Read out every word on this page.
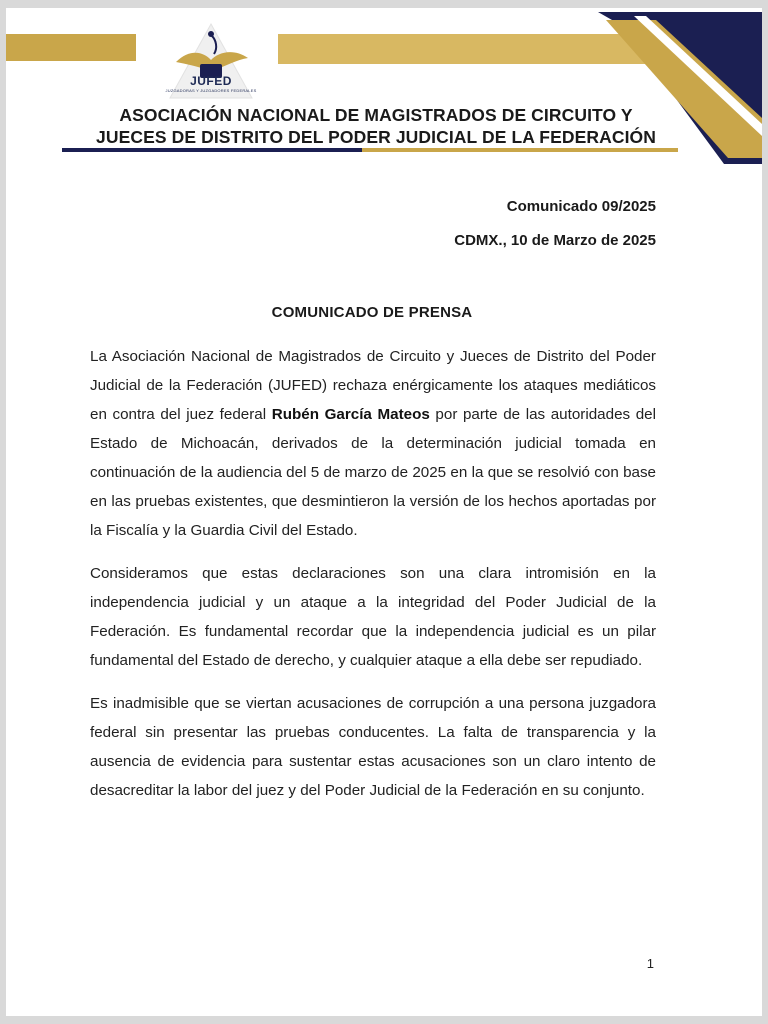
JUFED
JUZGADORAS Y JUZGADORES FEDERALES
ASOCIACIÓN NACIONAL DE MAGISTRADOS DE CIRCUITO Y
JUECES DE DISTRITO DEL PODER JUDICIAL DE LA FEDERACIÓN
Comunicado 09/2025
CDMX., 10 de Marzo de 2025
COMUNICADO DE PRENSA

La Asociación Nacional de Magistrados de Circuito y Jueces de Distrito del Poder Judicial de la Federación (JUFED) rechaza enérgicamente los ataques mediáticos en contra del juez federal Rubén García Mateos por parte de las autoridades del Estado de Michoacán, derivados de la determinación judicial tomada en continuación de la audiencia del 5 de marzo de 2025 en la que se resolvió con base en las pruebas existentes, que desmintieron la versión de los hechos aportadas por la Fiscalía y la Guardia Civil del Estado.

Consideramos que estas declaraciones son una clara intromisión en la independencia judicial y un ataque a la integridad del Poder Judicial de la Federación. Es fundamental recordar que la independencia judicial es un pilar fundamental del Estado de derecho, y cualquier ataque a ella debe ser repudiado.

Es inadmisible que se viertan acusaciones de corrupción a una persona juzgadora federal sin presentar las pruebas conducentes. La falta de transparencia y la ausencia de evidencia para sustentar estas acusaciones son un claro intento de desacreditar la labor del juez y del Poder Judicial de la Federación en su conjunto.

1
